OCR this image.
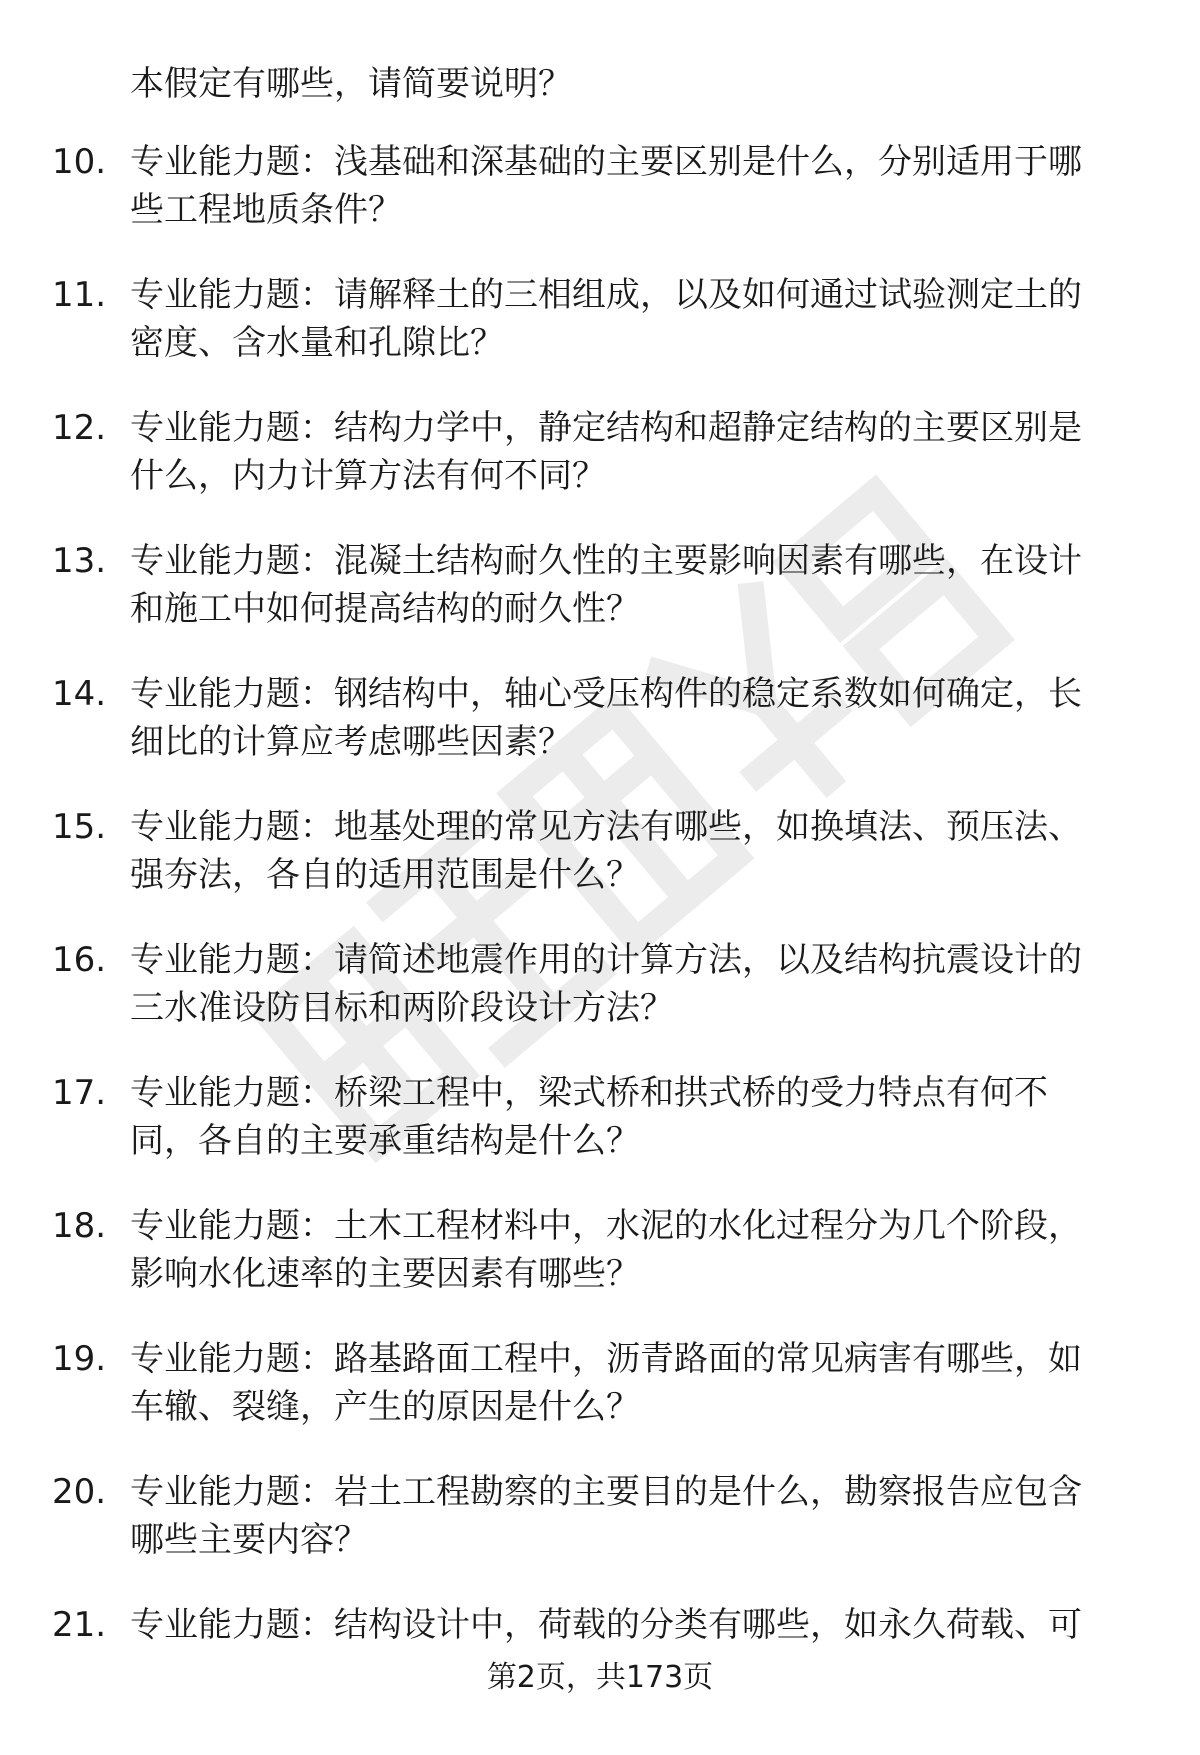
本假定有哪些，请简要说明？
10. 专业能力题：浅基础和深基础的主要区别是什么，分别适用于哪
些工程地质条件？
11. 专业能力题：请解释土的三相组成，以及如何通过试验测定土的
密度、含水量和孔隙比？
12. 专业能力题：结构力学中，静定结构和超静定结构的主要区别是
什么，内力计算方法有何不同？
13. 专业能力题：混凝土结构耐久性的主要影响因素有哪些，在设计
和施工中如何提高结构的耐久性？
14. 专业能力题：钢结构中，轴心受压构件的稳定系数如何确定，长
细比的计算应考虑哪些因素？
15. 专业能力题：地基处理的常见方法有哪些，如换填法、预压法、
强夯法，各自的适用范围是什么？
16. 专业能力题：请简述地震作用的计算方法，以及结构抗震设计的
三水准设防目标和两阶段设计方法？
17. 专业能力题：桥梁工程中，梁式桥和拱式桥的受力特点有何不
同，各自的主要承重结构是什么？
18. 专业能力题：土木工程材料中，水泥的水化过程分为几个阶段，
影响水化速率的主要因素有哪些？
19. 专业能力题：路基路面工程中，沥青路面的常见病害有哪些，如
车辙、裂缝，产生的原因是什么？
20. 专业能力题：岩土工程勘察的主要目的是什么，勘察报告应包含
哪些主要内容？
21. 专业能力题：结构设计中，荷载的分类有哪些，如永久荷载、可
第2页，共173页
